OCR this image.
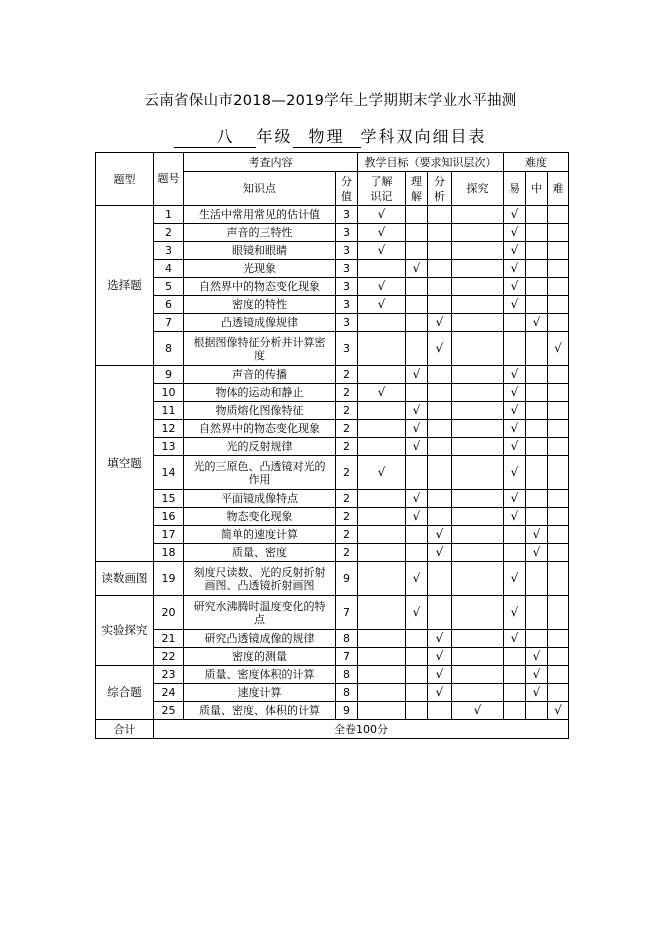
云南省保山市2018—2019学年上学期期末学业水平抽测
八 年级 物理 学科双向细目表
题型	题号	考查内容		教学目标（要求知识层次）				难度		
		知识点	分值	了解识记	理解	分析	探究	易	中	难
选择题	1	生活中常用常见的估计值	3	√				√		
	2	声音的三特性	3	√				√		
	3	眼镜和眼睛	3	√				√		
	4	光现象	3		√			√		
	5	自然界中的物态变化现象	3	√				√		
	6	密度的特性	3	√				√		
	7	凸透镜成像规律	3			√			√	
	8	根据图像特征分析并计算密度	3			√				√
填空题	9	声音的传播	2		√			√		
	10	物体的运动和静止	2	√				√		
	11	物质熔化图像特征	2		√			√		
	12	自然界中的物态变化现象	2		√			√		
	13	光的反射规律	2		√			√		
	14	光的三原色、凸透镜对光的作用	2	√				√		
	15	平面镜成像特点	2		√			√		
	16	物态变化现象	2		√			√		
	17	简单的速度计算	2			√			√	
	18	质量、密度	2			√			√	
读数画图	19	刻度尺读数、光的反射折射画图、凸透镜折射画图	9		√			√		
实验探究	20	研究水沸腾时温度变化的特点	7		√			√		
	21	研究凸透镜成像的规律	8			√		√		
	22	密度的测量	7			√			√	
综合题	23	质量、密度体积的计算	8			√			√	
	24	速度计算	8			√			√	
	25	质量、密度、体积的计算	9				√			√
合计	全卷100分									
